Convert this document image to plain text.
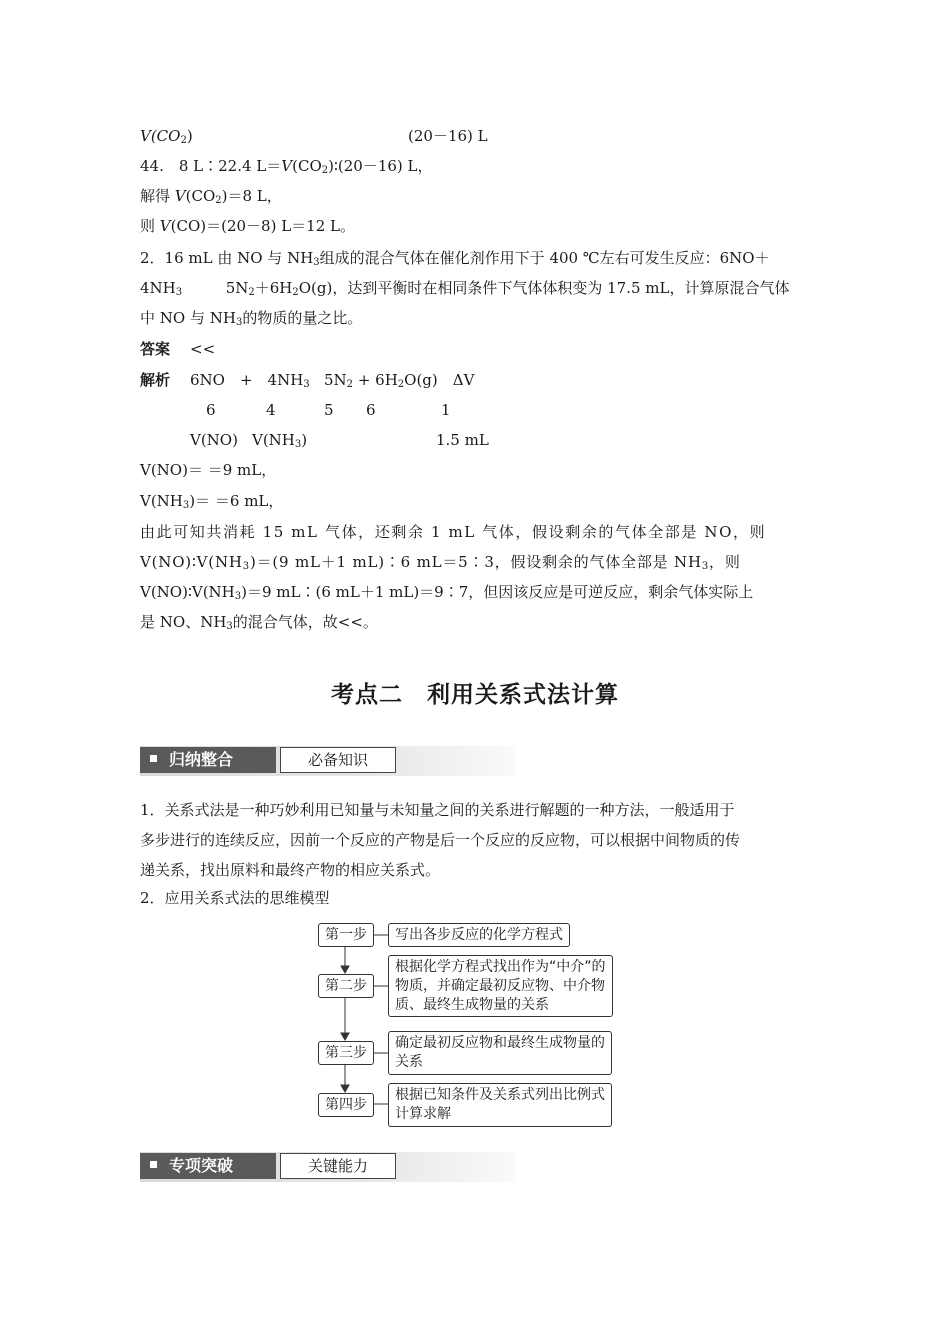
$V(CO_2)$	(20－16) L
44.　8 L∶22.4 $L=V(CO_2)∶(20-16)$ L，
解得 $V(CO_2)=8$ L，
则 V(CO)＝(20－8) L＝12 L。
2．16 mL 由 NO 与 $NH_3$组成的混合气体在催化剂作用下于 400 ℃左右可发生反应：6NO＋
$4NH_3$	$5N_2+6H_2O(g)$，达到平衡时在相同条件下气体体积变为 17.5 mL，计算原混合气体
中 NO 与 $NH_3$的物质的量之比。
答案 <<
解析 6NO　+　$4NH_3$ $5N_2 + 6H_2O(g)$　ΔV
6	4	5 6	1
V(NO) $V(NH_3)$	1.5 mL
V(NO)＝ ＝9 mL，
$V(NH_3)= =6$ mL，
由此可知共消耗 15 mL 气体，还剩余 1 mL 气体，假设剩余的气体全部是 NO，则
$V(NO)∶V(NH_3)=(9$ mL＋1 mL)∶6 mL＝5∶3，假设剩余的气体全部是 $NH_3$，则
$V(NO)∶V(NH_3)=9$ mL∶(6 mL＋1 mL)＝9∶7，但因该反应是可逆反应，剩余气体实际上
是 NO、$NH_3$的混合气体，故<<。
考点二　利用关系式法计算
归纳整合	必备知识
1．关系式法是一种巧妙利用已知量与未知量之间的关系进行解题的一种方法，一般适用于
多步进行的连续反应，因前一个反应的产物是后一个反应的反应物，可以根据中间物质的传
递关系，找出原料和最终产物的相应关系式。
2．应用关系式法的思维模型
第一步	写出各步反应的化学方程式
第二步
根据化学方程式找出作为“中介”的
物质，并确定最初反应物、中介物
质、最终生成物量的关系
第三步
确定最初反应物和最终生成物量的
关系
第四步
根据已知条件及关系式列出比例式
计算求解
专项突破	关键能力
